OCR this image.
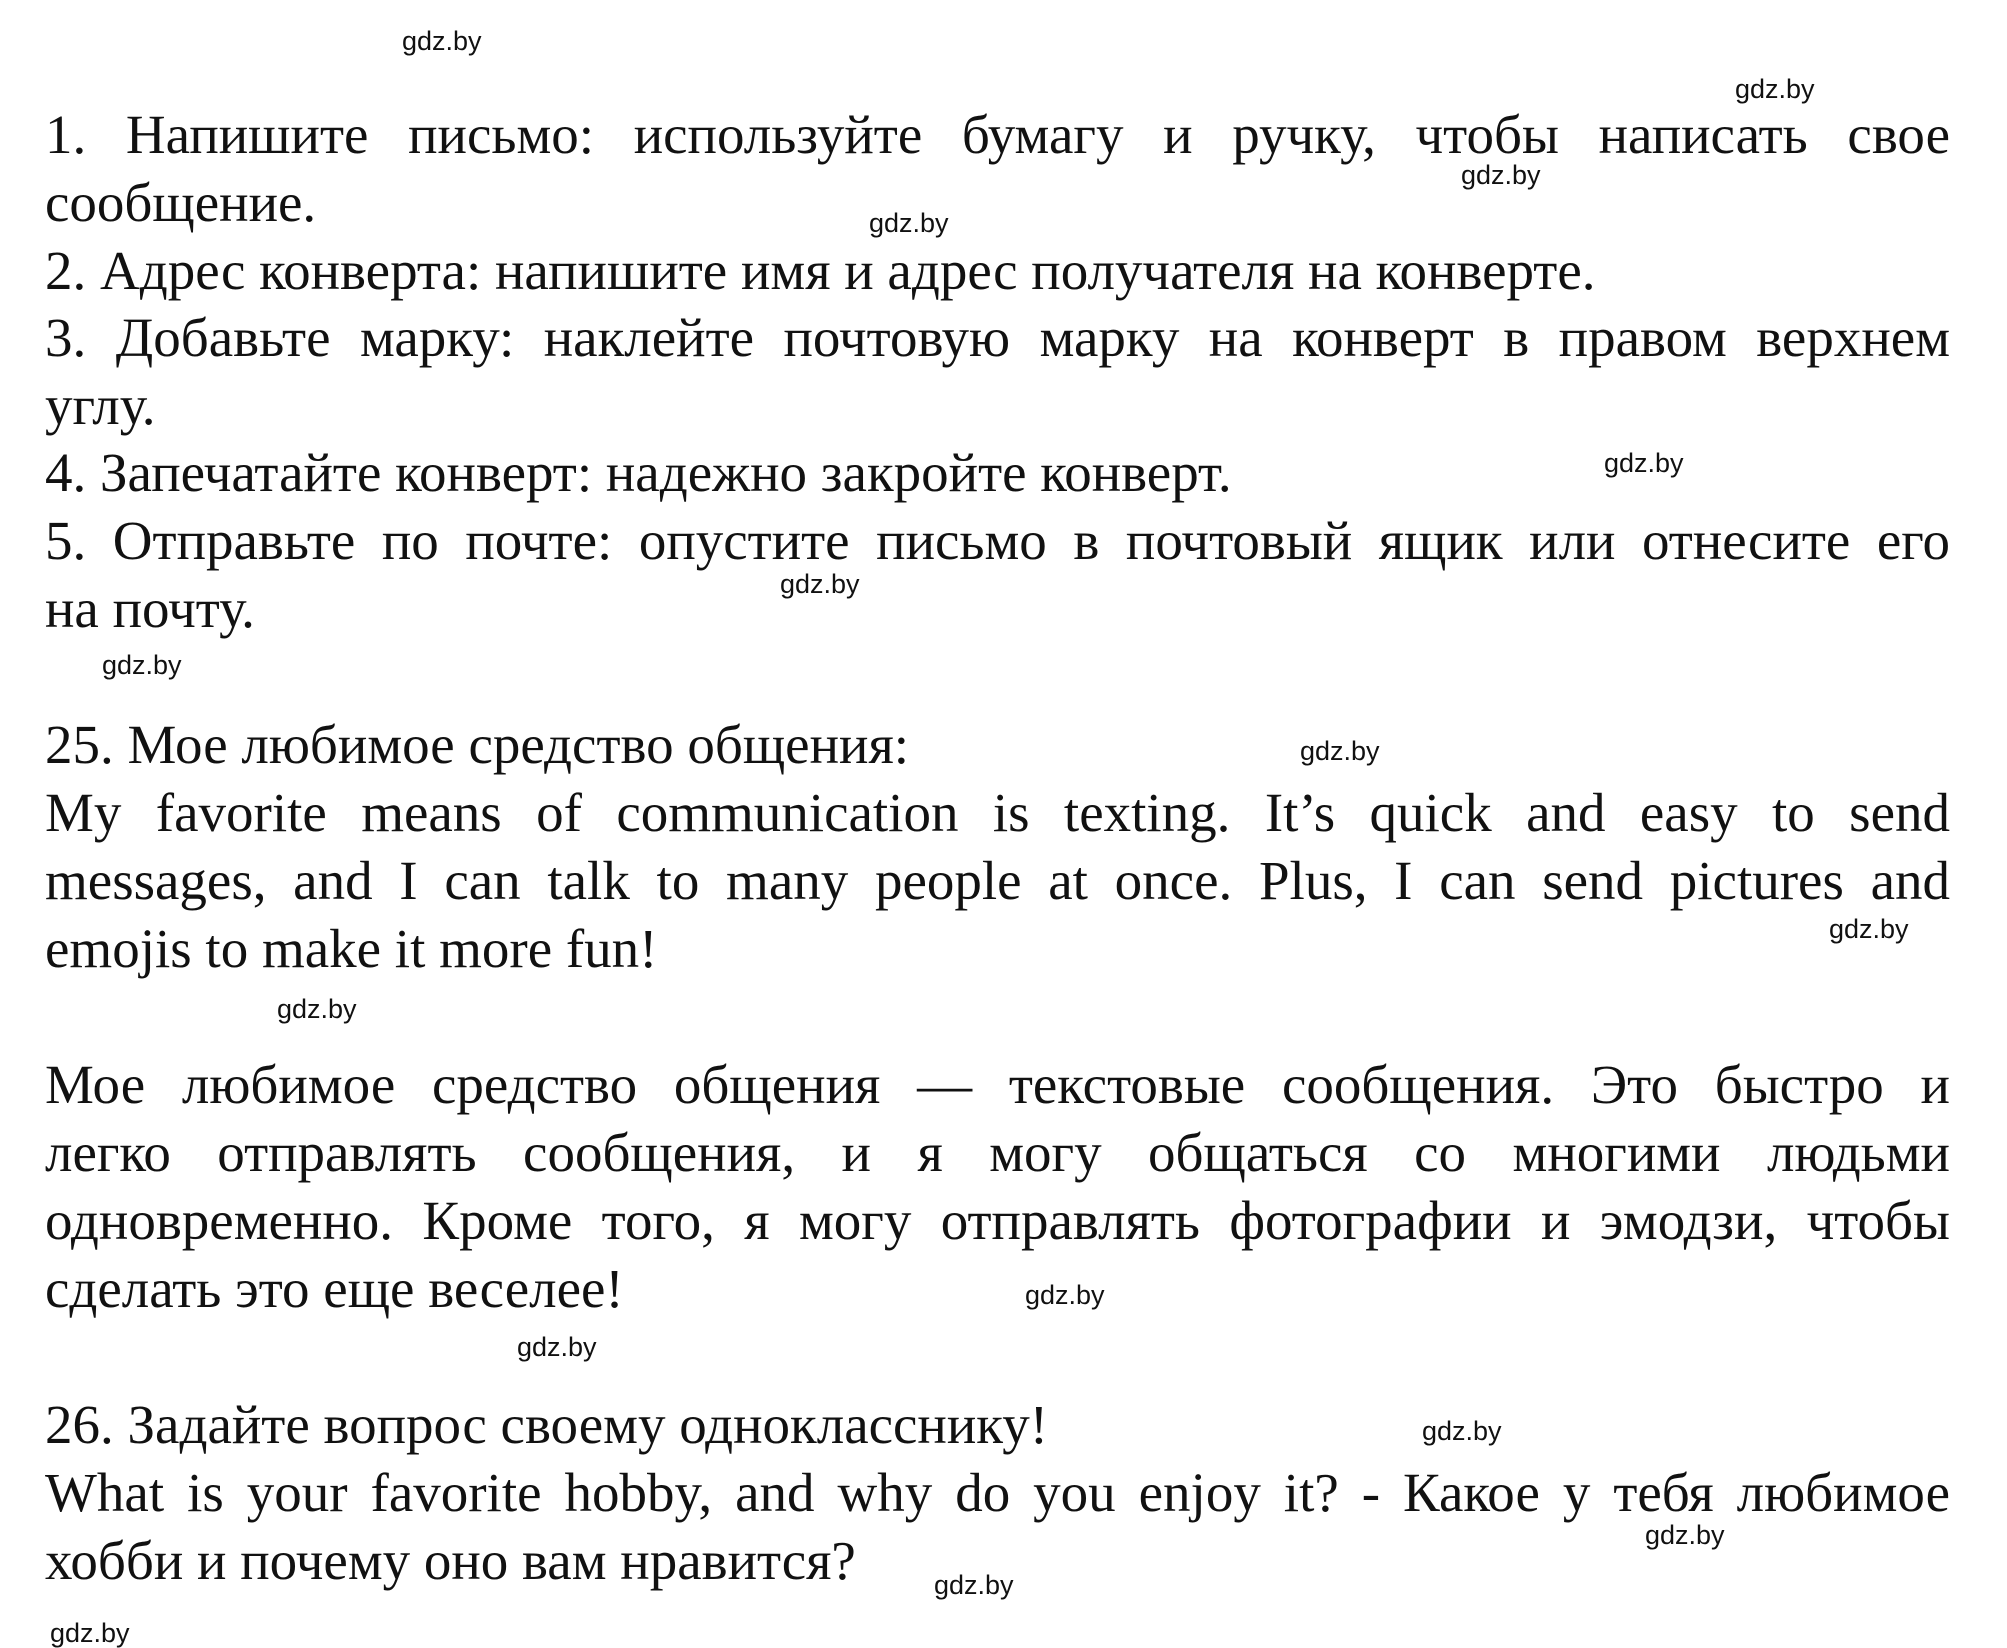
1. Напишите письмо: используйте бумагу и ручку, чтобы написать свое
сообщение.
2. Адрес конверта: напишите имя и адрес получателя на конверте.
3. Добавьте марку: наклейте почтовую марку на конверт в правом верхнем
углу.
4. Запечатайте конверт: надежно закройте конверт.
5. Отправьте по почте: опустите письмо в почтовый ящик или отнесите его
на почту.
25. Мое любимое средство общения:
My favorite means of communication is texting. It’s quick and easy to send
messages, and I can talk to many people at once. Plus, I can send pictures and
emojis to make it more fun!
Мое любимое средство общения — текстовые сообщения. Это быстро и
легко отправлять сообщения, и я могу общаться со многими людьми
одновременно. Кроме того, я могу отправлять фотографии и эмодзи, чтобы
сделать это еще веселее!
26. Задайте вопрос своему однокласснику!
What is your favorite hobby, and why do you enjoy it? - Какое у тебя любимое
хобби и почему оно вам нравится?
gdz.by
gdz.by
gdz.by
gdz.by
gdz.by
gdz.by
gdz.by
gdz.by
gdz.by
gdz.by
gdz.by
gdz.by
gdz.by
gdz.by
gdz.by
gdz.by
